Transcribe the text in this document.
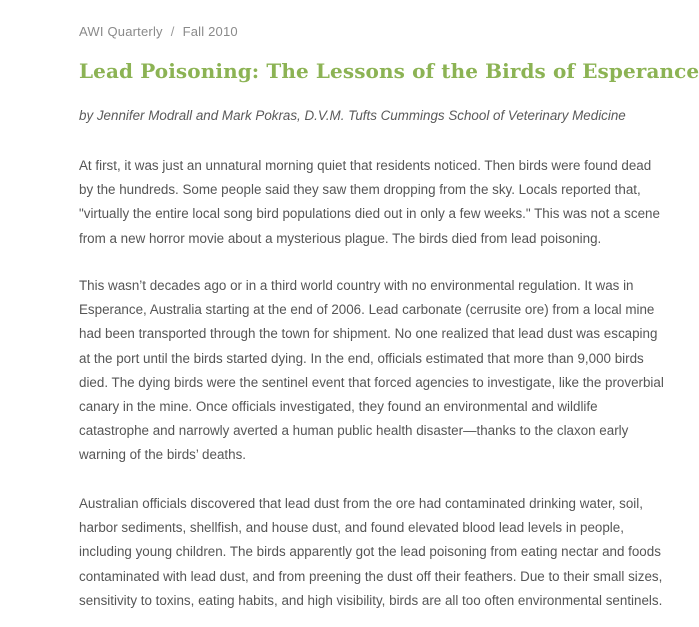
AWI Quarterly / Fall 2010
Lead Poisoning: The Lessons of the Birds of Esperance

by Jennifer Modrall and Mark Pokras, D.V.M. Tufts Cummings School of Veterinary Medicine

At first, it was just an unnatural morning quiet that residents noticed. Then birds were found dead by the hundreds. Some people said they saw them dropping from the sky. Locals reported that, "virtually the entire local song bird populations died out in only a few weeks." This was not a scene from a new horror movie about a mysterious plague. The birds died from lead poisoning.

This wasn’t decades ago or in a third world country with no environmental regulation. It was in Esperance, Australia starting at the end of 2006. Lead carbonate (cerrusite ore) from a local mine had been transported through the town for shipment. No one realized that lead dust was escaping at the port until the birds started dying. In the end, officials estimated that more than 9,000 birds died. The dying birds were the sentinel event that forced agencies to investigate, like the proverbial canary in the mine. Once officials investigated, they found an environmental and wildlife catastrophe and narrowly averted a human public health disaster—thanks to the claxon early warning of the birds’ deaths.

Australian officials discovered that lead dust from the ore had contaminated drinking water, soil, harbor sediments, shellfish, and house dust, and found elevated blood lead levels in people, including young children. The birds apparently got the lead poisoning from eating nectar and foods contaminated with lead dust, and from preening the dust off their feathers. Due to their small sizes, sensitivity to toxins, eating habits, and high visibility, birds are all too often environmental sentinels.
